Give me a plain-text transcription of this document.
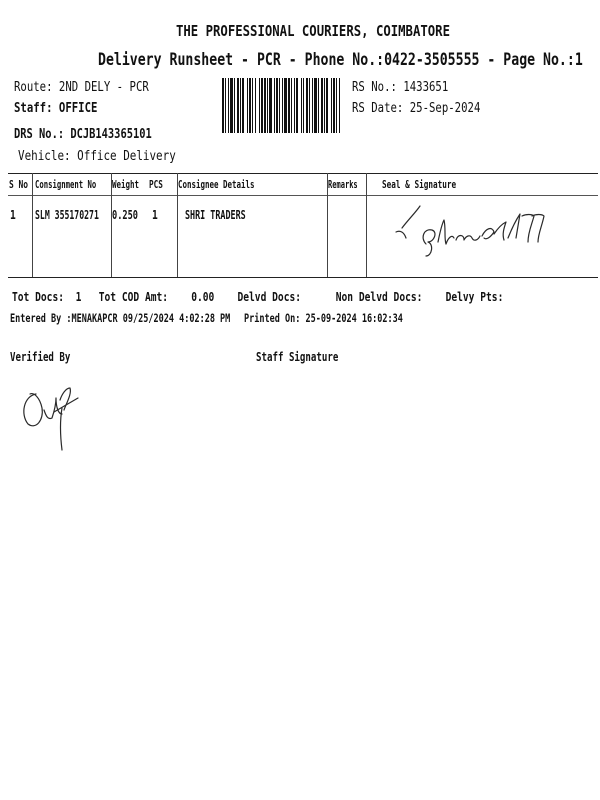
THE PROFESSIONAL COURIERS, COIMBATORE
Delivery Runsheet - PCR - Phone No.:0422-3505555 - Page No.:1
Route: 2ND DELY - PCR
Staff: OFFICE
DRS No.: DCJB143365101
Vehicle: Office Delivery
RS No.: 1433651
RS Date: 25-Sep-2024
S No Consignment No	Weight PCS	Consignee Details	Remarks	Seal & Signature
1 SLM 355170271	0.250	1 SHRI TRADERS
Tot Docs: 1 Tot COD Amt: 0.00 Delvd Docs:	Non Delvd Docs: Delvy Pts:
Entered By :MENAKAPCR 09/25/2024 4:02:28 PM	Printed On: 25-09-2024 16:02:34
Verified By	Staff Signature
